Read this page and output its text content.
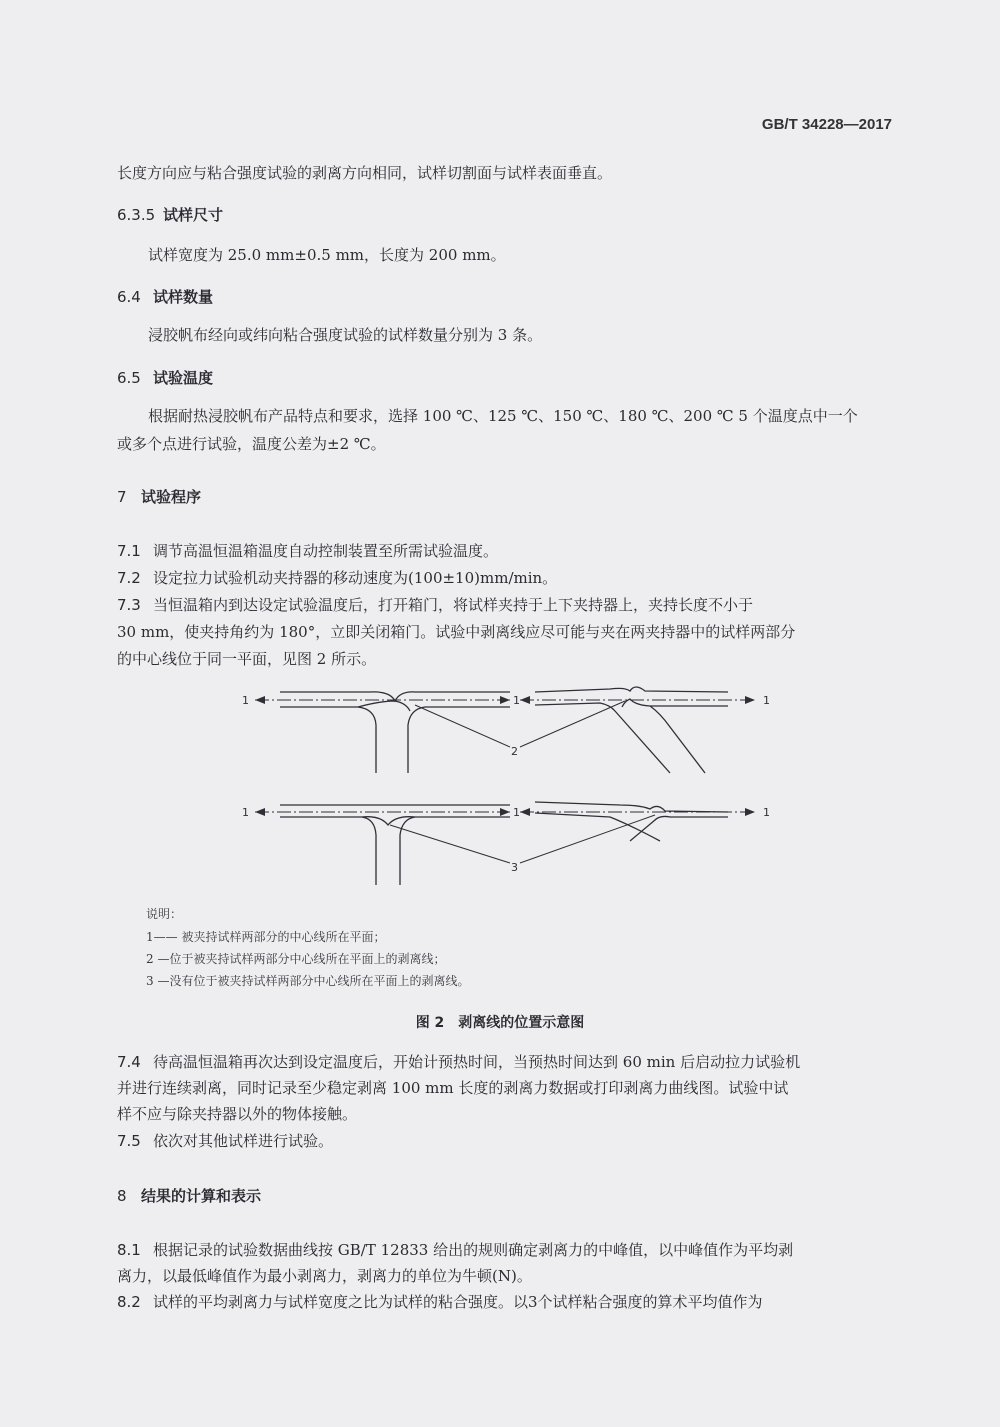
GB/T 34228—2017
长度方向应与粘合强度试验的剥离方向相同，试样切割面与试样表面垂直。
6.3.5 试样尺寸
试样宽度为 25.0 mm±0.5 mm，长度为 200 mm。
6.4 试样数量
浸胶帆布经向或纬向粘合强度试验的试样数量分别为 3 条。
6.5 试验温度
根据耐热浸胶帆布产品特点和要求，选择 100 ℃、125 ℃、150 ℃、180 ℃、200 ℃ 5 个温度点中一个
或多个点进行试验，温度公差为±2 ℃。
7 试验程序
7.1 调节高温恒温箱温度自动控制装置至所需试验温度。
7.2 设定拉力试验机动夹持器的移动速度为(100±10)mm/min。
7.3 当恒温箱内到达设定试验温度后，打开箱门，将试样夹持于上下夹持器上，夹持长度不小于
30 mm，使夹持角约为 180°，立即关闭箱门。试验中剥离线应尽可能与夹在两夹持器中的试样两部分
的中心线位于同一平面，见图 2 所示。
1	1	1
2
1	1	1
3
说明：
1—— 被夹持试样两部分的中心线所在平面；
2 —位于被夹持试样两部分中心线所在平面上的剥离线；
3 —没有位于被夹持试样两部分中心线所在平面上的剥离线。
图 2　剥离线的位置示意图
7.4 待高温恒温箱再次达到设定温度后，开始计预热时间，当预热时间达到 60 min 后启动拉力试验机
并进行连续剥离，同时记录至少稳定剥离 100 mm 长度的剥离力数据或打印剥离力曲线图。试验中试
样不应与除夹持器以外的物体接触。
7.5 依次对其他试样进行试验。
8 结果的计算和表示
8.1 根据记录的试验数据曲线按 GB/T 12833 给出的规则确定剥离力的中峰值，以中峰值作为平均剥
离力，以最低峰值作为最小剥离力，剥离力的单位为牛顿(N)。
8.2 试样的平均剥离力与试样宽度之比为试样的粘合强度。以3个试样粘合强度的算术平均值作为
